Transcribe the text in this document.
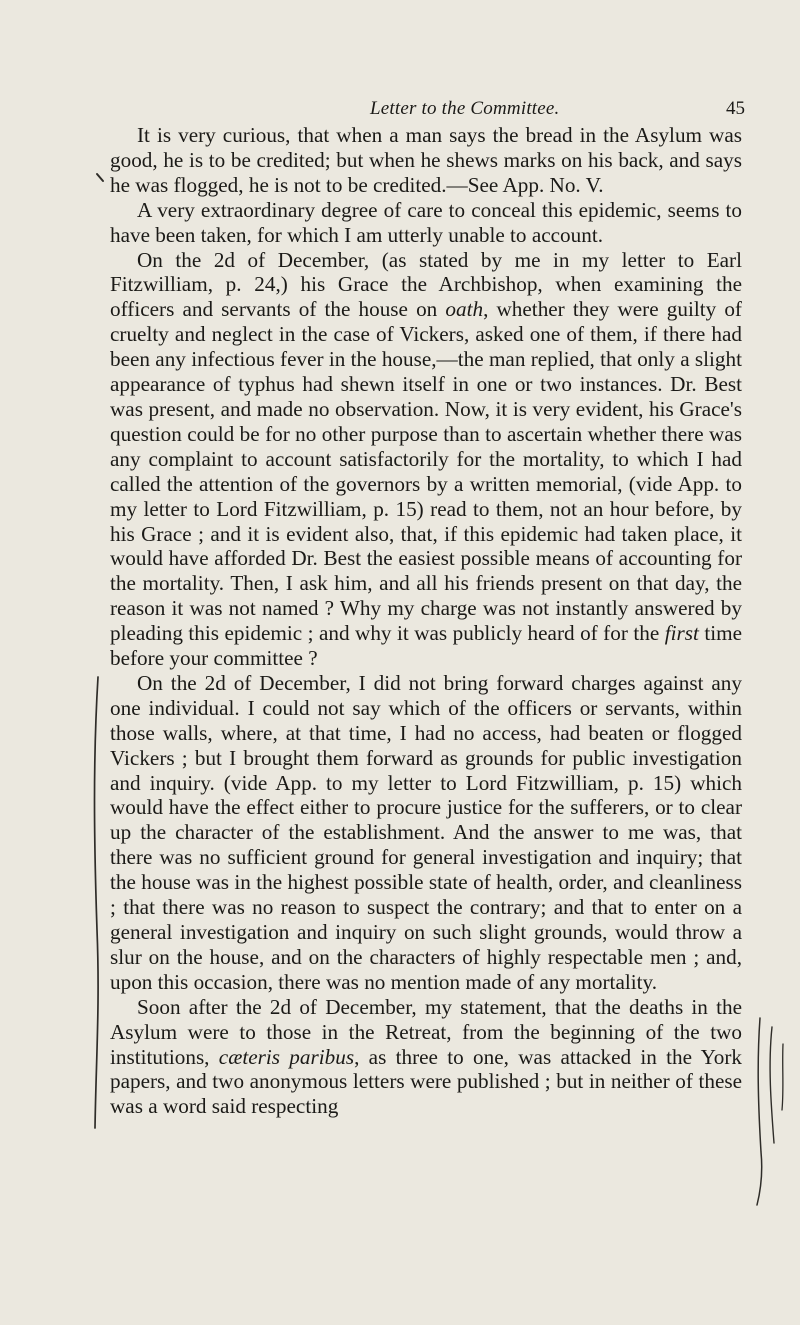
Letter to the Committee.	45

It is very curious, that when a man says the bread in the Asylum was good, he is to be credited; but when he shews marks on his back, and says he was flogged, he is not to be credited.—See App. No. V.

A very extraordinary degree of care to conceal this epidemic, seems to have been taken, for which I am utterly unable to account.

On the 2d of December, (as stated by me in my letter to Earl Fitzwilliam, p. 24,) his Grace the Archbishop, when examining the officers and servants of the house on oath, whether they were guilty of cruelty and neglect in the case of Vickers, asked one of them, if there had been any infectious fever in the house,—the man replied, that only a slight appearance of typhus had shewn itself in one or two instances. Dr. Best was present, and made no observation. Now, it is very evident, his Grace's question could be for no other purpose than to ascertain whether there was any complaint to account satisfactorily for the mortality, to which I had called the attention of the governors by a written memorial, (vide App. to my letter to Lord Fitzwilliam, p. 15) read to them, not an hour before, by his Grace ; and it is evident also, that, if this epidemic had taken place, it would have afforded Dr. Best the easiest possible means of accounting for the mortality. Then, I ask him, and all his friends present on that day, the reason it was not named ? Why my charge was not instantly answered by pleading this epidemic ; and why it was publicly heard of for the first time before your committee ?

On the 2d of December, I did not bring forward charges against any one individual. I could not say which of the officers or servants, within those walls, where, at that time, I had no access, had beaten or flogged Vickers ; but I brought them forward as grounds for public investigation and inquiry. (vide App. to my letter to Lord Fitzwilliam, p. 15) which would have the effect either to procure justice for the sufferers, or to clear up the character of the establishment. And the answer to me was, that there was no sufficient ground for general investigation and inquiry; that the house was in the highest possible state of health, order, and cleanliness ; that there was no reason to suspect the contrary; and that to enter on a general investigation and inquiry on such slight grounds, would throw a slur on the house, and on the characters of highly respectable men ; and, upon this occasion, there was no mention made of any mortality.

Soon after the 2d of December, my statement, that the deaths in the Asylum were to those in the Retreat, from the beginning of the two institutions, cæteris paribus, as three to one, was attacked in the York papers, and two anonymous letters were published ; but in neither of these was a word said respecting
